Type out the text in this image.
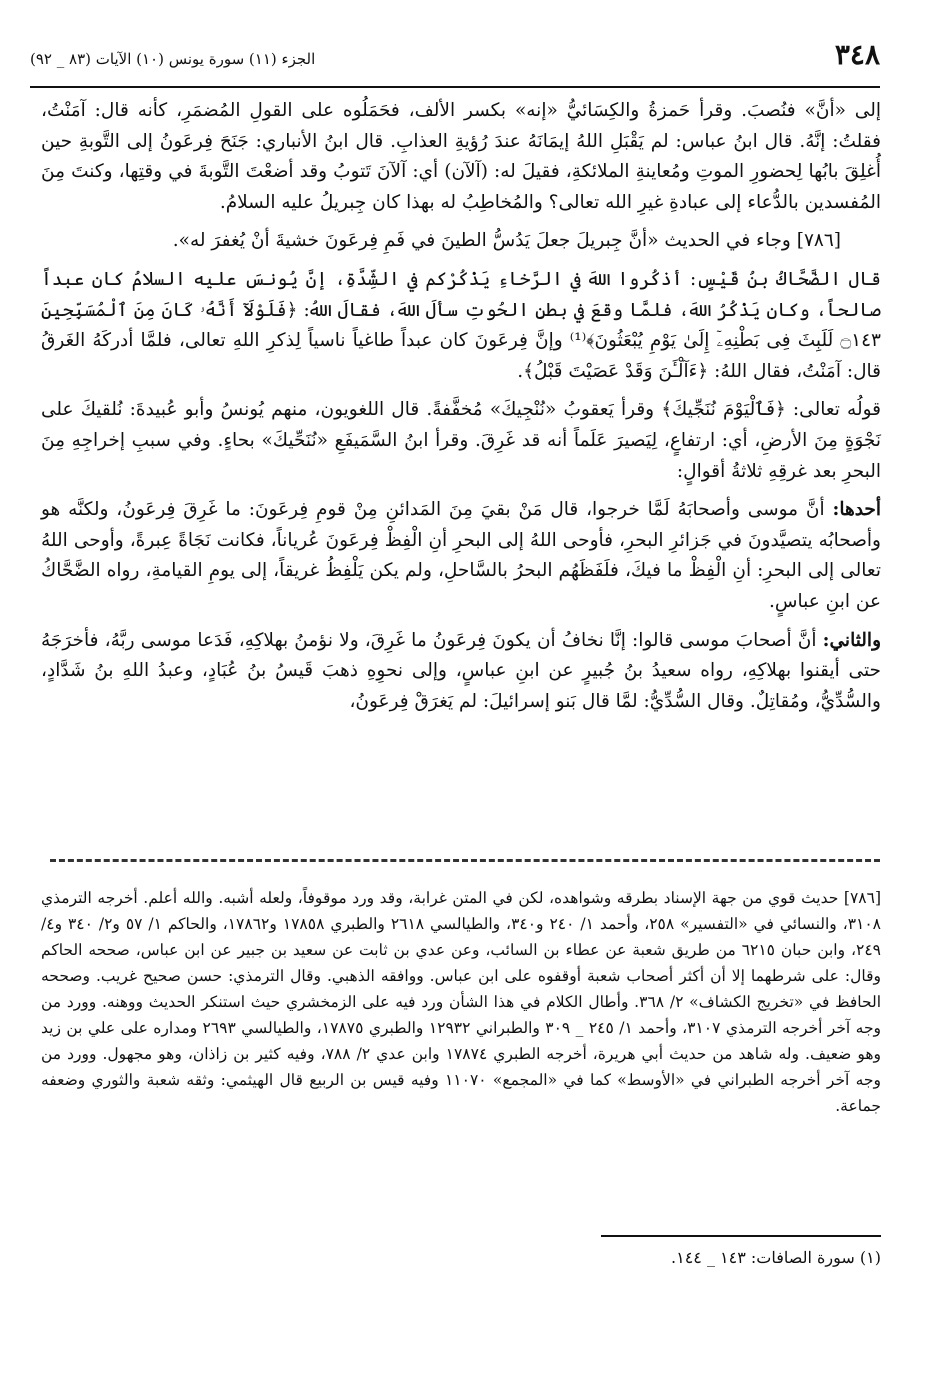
٣٤٨
الجزء (١١) سورة يونس (١٠) الآيات (٨٣ _ ٩٢)

إلى «أنَّ» فنُصبَ. وقرأ حَمزةُ والكِسَائيُّ «إنه» بكسر الألف، فحَمَلُوه على القولِ المُضمَرِ، كأنه قال: آمَنْتُ، فقلتُ: إنَّهُ. قال ابنُ عباس: لم يَقْبَلِ اللهُ إيمَانَهُ عندَ رُؤيةِ العذابِ. قال ابنُ الأنباري: جَنَحَ فِرعَونُ إلى التَّوبةِ حين أُغلِقَ بابُها لِحضورِ الموتِ ومُعاينةِ الملائكةِ، فقيلَ له: (آلآن) أي: آلآنَ تَتوبُ وقد أضعْتَ التَّوبةَ في وقتِها، وكنتَ مِنَ المُفسدين بالدُّعاء إلى عبادةِ غيرِ الله تعالى؟ والمُخاطِبُ له بهذا كان جِبريلُ عليه السلامُ.

[٧٨٦] وجاء في الحديث «أنَّ جِبريلَ جعلَ يَدُسُّ الطينَ في فَمِ فِرعَونَ خشيةَ أنْ يُغفرَ له».

قال الضَّحَّاكُ بنُ قَيْسٍ: أذكُروا اللهَ في الرَّخاءِ يَذْكُرْكم في الشِّدَّةِ، إنَّ يُونسَ عليه السلامُ كان عبداً صالحاً، وكان يَذْكُرُ اللهَ، فلمَّا وقعَ في بطنِ الحُوتِ سألَ اللهَ، فقالَ اللهُ: ﴿فَلَوْلَآ أَنَّهُۥ كَانَ مِنَ ٱلْمُسَبِّحِينَ ۝١٤٣ لَلَبِثَ فِى بَطْنِهِۦٓ إِلَىٰ يَوْمِ يُبْعَثُونَ﴾⁽¹⁾ وإنَّ فِرعَونَ كان عبداً طاغياً ناسياً لِذكرِ اللهِ تعالى، فلمَّا أدركَهُ الغَرقُ قال: آمَنْتُ، فقال اللهُ: ﴿ءَآلْـَٔنَ وَقَدْ عَصَيْتَ قَبْلُ﴾.

قولُه تعالى: ﴿فَٱلْيَوْمَ نُنَجِّيكَ﴾ وقرأ يَعقوبُ «نُنْجِيكَ» مُخفَّفةً. قال اللغويون، منهم يُونسُ وأبو عُبيدةَ: نُلقيكَ على نَجْوَةٍ مِنَ الأرضِ، أي: ارتفاعٍ، لِيَصيرَ عَلَماً أنه قد غَرِقَ. وقرأ ابنُ السَّمَيفَعِ «نُنَحِّيكَ» بحاءٍ. وفي سببِ إخراجِهِ مِنَ البحرِ بعد غرقِهِ ثلاثةُ أقوالٍ:

أحدها: أنَّ موسى وأصحابَهُ لَمَّا خرجوا، قال مَنْ بقيَ مِنَ المَدائنِ مِنْ قومِ فِرعَونَ: ما غَرِقَ فِرعَونُ، ولكنَّه هو وأصحابُه يتصيَّدونَ في جَزائرِ البحرِ، فأوحى اللهُ إلى البحرِ أنِ الْفِظْ فِرعَونَ عُرياناً، فكانت نَجَاةً عِبرةً، وأوحى اللهُ تعالى إلى البحرِ: أنِ الْفِظْ ما فيكَ، فلَفَظَهُم البحرُ بالسَّاحلِ، ولم يكن يَلْفِظُ غريقاً، إلى يومِ القيامةِ، رواه الضَّحَّاكُ عن ابنِ عباسٍ.

والثاني: أنَّ أصحابَ موسى قالوا: إنَّا نخافُ أن يكونَ فِرعَونُ ما غَرِقَ، ولا نؤمنُ بهلاكِهِ، فَدَعا موسى ربَّهُ، فأخرَجَهُ حتى أيقنوا بهلاكِهِ، رواه سعيدُ بنُ جُبيرٍ عن ابنِ عباسٍ، وإلى نحوِهِ ذهبَ قَيسُ بنُ عُبَادٍ، وعبدُ اللهِ بنُ شَدَّادٍ، والسُّدِّيُّ، ومُقاتِلٌ. وقال السُّدِّيُّ: لمَّا قال بَنو إسرائيلَ: لم يَغرَقْ فِرعَونُ،

[٧٨٦] حديث قوي من جهة الإسناد بطرقه وشواهده، لكن في المتن غرابة، وقد ورد موقوفاً، ولعله أشبه. والله أعلم. أخرجه الترمذي ٣١٠٨، والنسائي في «التفسير» ٢٥٨، وأحمد ١/ ٢٤٠ و٣٤٠، والطيالسي ٢٦١٨ والطبري ١٧٨٥٨ و١٧٨٦٢، والحاكم ١/ ٥٧ و٢/ ٣٤٠ و٤/ ٢٤٩، وابن حبان ٦٢١٥ من طريق شعبة عن عطاء بن السائب، وعن عدي بن ثابت عن سعيد بن جبير عن ابن عباس، صححه الحاكم وقال: على شرطهما إلا أن أكثر أصحاب شعبة أوقفوه على ابن عباس. ووافقه الذهبي. وقال الترمذي: حسن صحيح غريب. وصححه الحافظ في «تخريج الكشاف» ٢/ ٣٦٨. وأطال الكلام في هذا الشأن ورد فيه على الزمخشري حيث استنكر الحديث ووهنه. وورد من وجه آخر أخرجه الترمذي ٣١٠٧، وأحمد ١/ ٢٤٥ _ ٣٠٩ والطبراني ١٢٩٣٢ والطبري ١٧٨٧٥، والطيالسي ٢٦٩٣ ومداره على علي بن زيد وهو ضعيف. وله شاهد من حديث أبي هريرة، أخرجه الطبري ١٧٨٧٤ وابن عدي ٢/ ٧٨٨، وفيه كثير بن زاذان، وهو مجهول. وورد من وجه آخر أخرجه الطبراني في «الأوسط» كما في «المجمع» ١١٠٧٠ وفيه قيس بن الربيع قال الهيثمي: وثقه شعبة والثوري وضعفه جماعة.

(١) سورة الصافات: ١٤٣ _ ١٤٤.
